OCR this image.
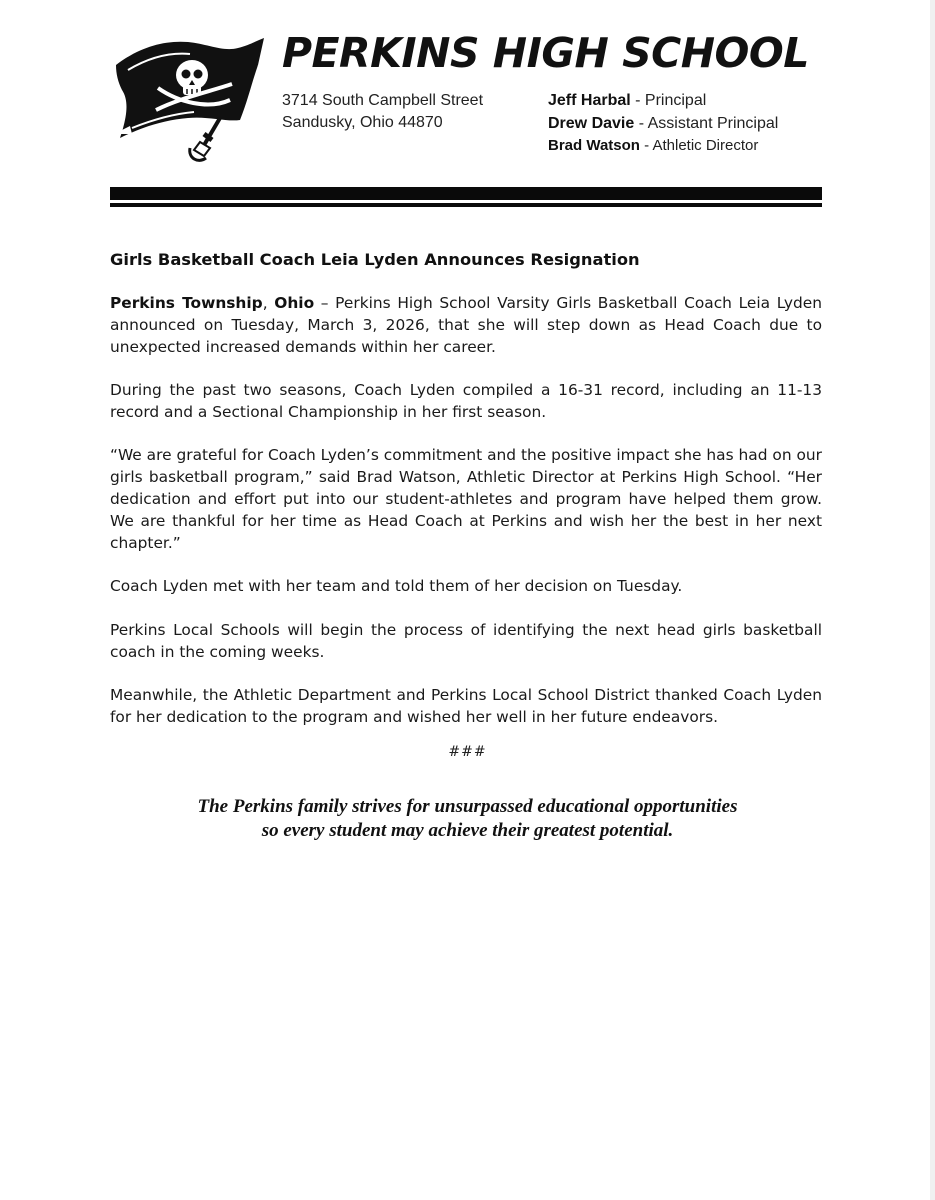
PERKINS HIGH SCHOOL
3714 South Campbell Street
Sandusky, Ohio 44870
Jeff Harbal - Principal
Drew Davie - Assistant Principal
Brad Watson - Athletic Director
Girls Basketball Coach Leia Lyden Announces Resignation

Perkins Township, Ohio – Perkins High School Varsity Girls Basketball Coach Leia Lyden announced on Tuesday, March 3, 2026, that she will step down as Head Coach due to unexpected increased demands within her career.

During the past two seasons, Coach Lyden compiled a 16-31 record, including an 11-13 record and a Sectional Championship in her first season.

“We are grateful for Coach Lyden’s commitment and the positive impact she has had on our girls basketball program,” said Brad Watson, Athletic Director at Perkins High School. “Her dedication and effort put into our student-athletes and program have helped them grow. We are thankful for her time as Head Coach at Perkins and wish her the best in her next chapter.”

Coach Lyden met with her team and told them of her decision on Tuesday.

Perkins Local Schools will begin the process of identifying the next head girls basketball coach in the coming weeks.

Meanwhile, the Athletic Department and Perkins Local School District thanked Coach Lyden for her dedication to the program and wished her well in her future endeavors.

###
The Perkins family strives for unsurpassed educational opportunities
so every student may achieve their greatest potential.
